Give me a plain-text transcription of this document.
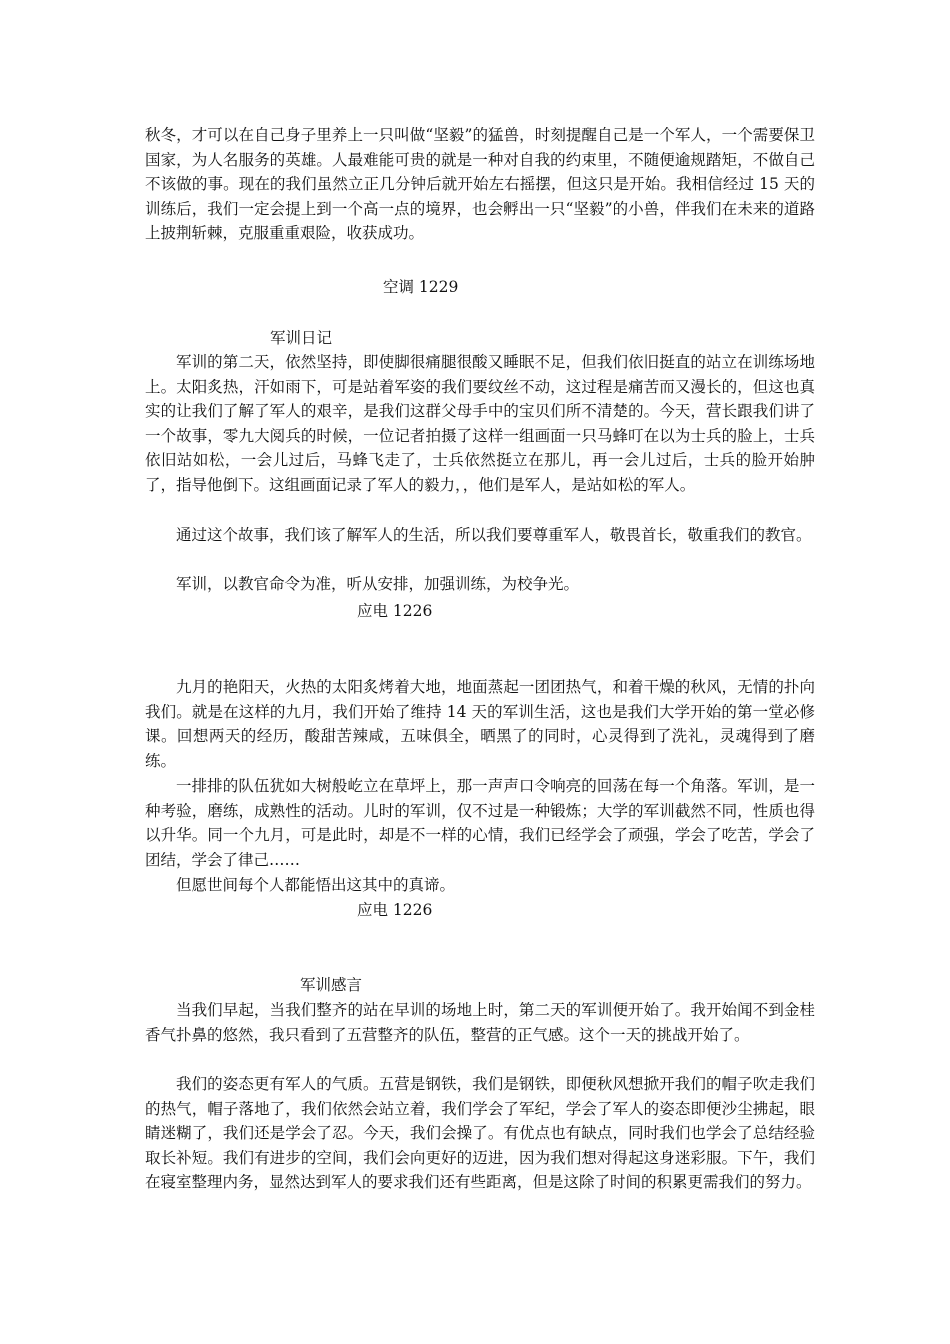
秋冬，才可以在自己身子里养上一只叫做“坚毅”的猛兽，时刻提醒自己是一个军人，一个需要保卫国家，为人名服务的英雄。人最难能可贵的就是一种对自我的约束里，不随便逾规踏矩，不做自己不该做的事。现在的我们虽然立正几分钟后就开始左右摇摆，但这只是开始。我相信经过 15 天的训练后，我们一定会提上到一个高一点的境界，也会孵出一只“坚毅”的小兽，伴我们在未来的道路上披荆斩棘，克服重重艰险，收获成功。

空调 1229

军训日记

军训的第二天，依然坚持，即使脚很痛腿很酸又睡眠不足，但我们依旧挺直的站立在训练场地上。太阳炙热，汗如雨下，可是站着军姿的我们要纹丝不动，这过程是痛苦而又漫长的，但这也真实的让我们了解了军人的艰辛，是我们这群父母手中的宝贝们所不清楚的。今天，营长跟我们讲了一个故事，零九大阅兵的时候，一位记者拍摄了这样一组画面一只马蜂叮在以为士兵的脸上，士兵依旧站如松，一会儿过后，马蜂飞走了，士兵依然挺立在那儿，再一会儿过后，士兵的脸开始肿了，指导他倒下。这组画面记录了军人的毅力，，他们是军人，是站如松的军人。

通过这个故事，我们该了解军人的生活，所以我们要尊重军人，敬畏首长，敬重我们的教官。

军训，以教官命令为准，听从安排，加强训练，为校争光。

应电 1226

九月的艳阳天，火热的太阳炙烤着大地，地面蒸起一团团热气，和着干燥的秋风，无情的扑向我们。就是在这样的九月，我们开始了维持 14 天的军训生活，这也是我们大学开始的第一堂必修课。回想两天的经历，酸甜苦辣咸，五味俱全，晒黑了的同时，心灵得到了洗礼，灵魂得到了磨练。

一排排的队伍犹如大树般屹立在草坪上，那一声声口令响亮的回荡在每一个角落。军训，是一种考验，磨练，成熟性的活动。儿时的军训，仅不过是一种锻炼；大学的军训截然不同，性质也得以升华。同一个九月，可是此时，却是不一样的心情，我们已经学会了顽强，学会了吃苦，学会了团结，学会了律己……

但愿世间每个人都能悟出这其中的真谛。

应电 1226

军训感言

当我们早起，当我们整齐的站在早训的场地上时，第二天的军训便开始了。我开始闻不到金桂香气扑鼻的悠然，我只看到了五营整齐的队伍，整营的正气感。这个一天的挑战开始了。

我们的姿态更有军人的气质。五营是钢铁，我们是钢铁，即便秋风想掀开我们的帽子吹走我们的热气，帽子落地了，我们依然会站立着，我们学会了军纪，学会了军人的姿态即便沙尘拂起，眼睛迷糊了，我们还是学会了忍。今天，我们会操了。有优点也有缺点，同时我们也学会了总结经验取长补短。我们有进步的空间，我们会向更好的迈进，因为我们想对得起这身迷彩服。下午，我们在寝室整理内务，显然达到军人的要求我们还有些距离，但是这除了时间的积累更需我们的努力。
